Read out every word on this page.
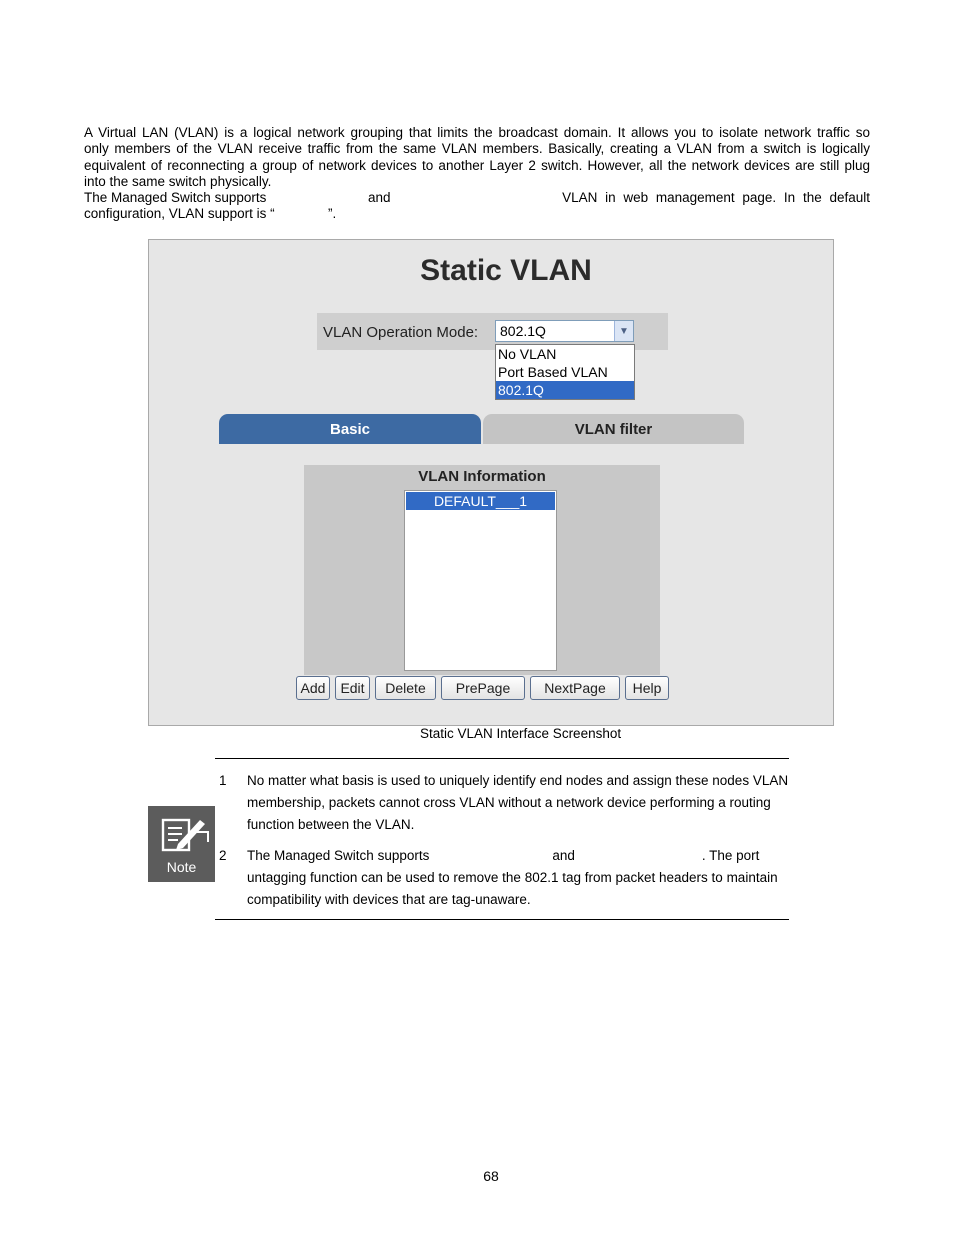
A Virtual LAN (VLAN) is a logical network grouping that limits the broadcast domain. It allows you to isolate network traffic so

only members of the VLAN receive traffic from the same VLAN members. Basically, creating a VLAN from a switch is logically

equivalent of reconnecting a group of network devices to another Layer 2 switch. However, all the network devices are still plug

into the same switch physically.

The Managed Switch supports	and	VLAN in web management page. In the default

configuration, VLAN support is “	”.

Static VLAN
VLAN Operation Mode: 802.1Q	▼
No VLAN
Port Based VLAN
802.1Q
Basic	VLAN filter
VLAN Information
DEFAULT___1
Add	Edit	Delete	PrePage	NextPage	Help
Static VLAN Interface Screenshot
Note
1 No matter what basis is used to uniquely identify end nodes and assign these nodes VLAN membership, packets cannot cross VLAN without a network device performing a routing function between the VLAN.
2 The Managed Switch supports	and	. The port untagging function can be used to remove the 802.1 tag from packet headers to maintain compatibility with devices that are tag-unaware.
68
